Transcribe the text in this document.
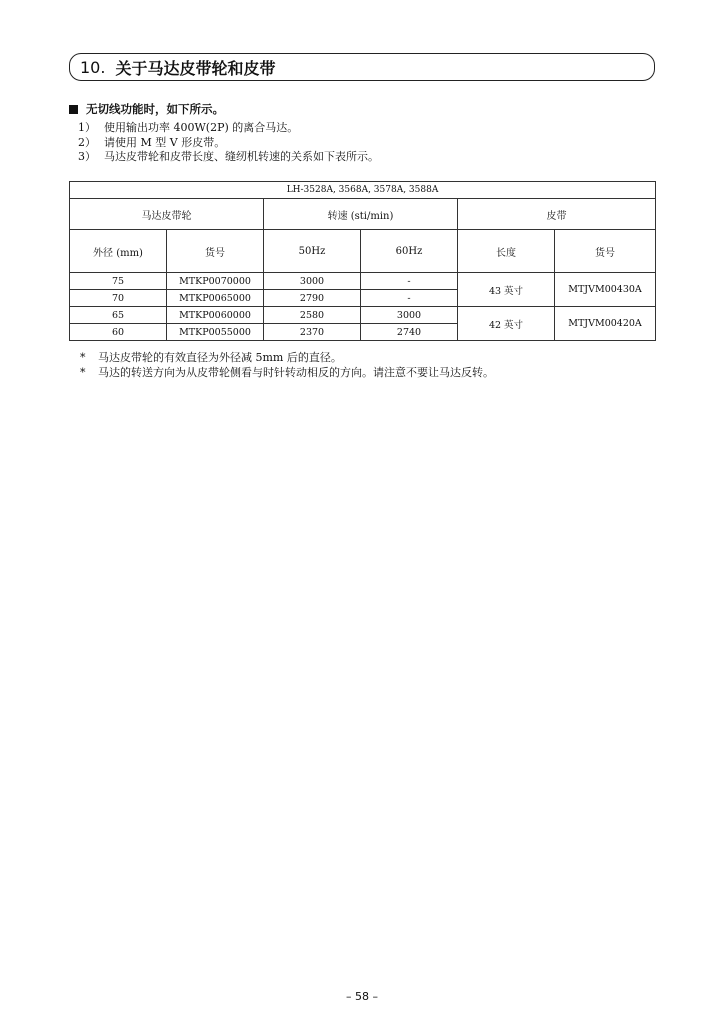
10. 关于马达皮带轮和皮带
无切线功能时，如下所示。
1） 使用输出功率 400W(2P) 的离合马达。
2） 请使用 M 型 V 形皮带。
3） 马达皮带轮和皮带长度、缝纫机转速的关系如下表所示。
LH-3528A, 3568A, 3578A, 3588A					
马达皮带轮		转速 (sti/min)		皮带	
外径 (mm)	货号	50Hz	60Hz	长度	货号
75	MTKP0070000	3000	-	43 英寸	MTJVM00430A
70	MTKP0065000	2790	-		
65	MTKP0060000	2580	3000	42 英寸	MTJVM00420A
60	MTKP0055000	2370	2740		
*	马达皮带轮的有效直径为外径减 5mm 后的直径。
*	马达的转送方向为从皮带轮侧看与时针转动相反的方向。请注意不要让马达反转。
– 58 –
